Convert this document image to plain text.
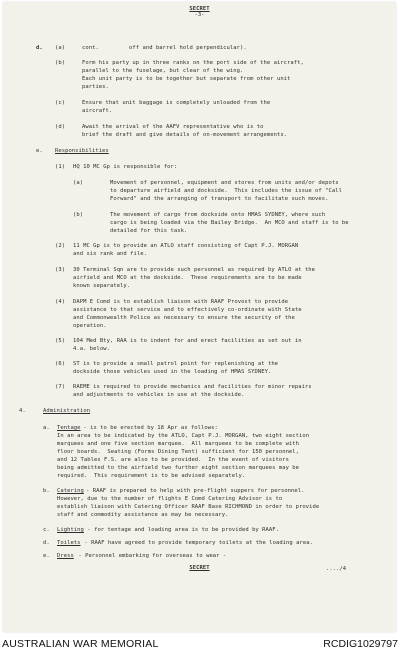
SECRET
-3-
d. (a)	cont.         off and barrel hold perpendicular).
(b)	Form his party up in three ranks on the port side of the aircraft,
parallel to the fuselage, but clear of the wing.
Each unit party is to be together but separate from other unit
parties.
(c)	Ensure that unit baggage is completely unloaded from the
aircraft.
(d)	Await the arrival of the AAFV representative who is to
brief the draft and give details of on-movement arrangements.
e. Responsibilities
(1) HQ 10 MC Gp is responsible for:
(a)	Movement of personnel, equipment and stores from units and/or depots
to departure airfield and dockside.  This includes the issue of "Call
Forward" and the arranging of transport to facilitate such moves.
(b)	The movement of cargo from dockside onto HMAS SYDNEY, where such
cargo is being loaded via the Bailey Bridge.  An MCO and staff is to be
detailed for this task.
(2) 11 MC Gp is to provide an ATLO staff consisting of Capt P.J. MORGAN
and six rank and file.
(3) 30 Terminal Sqn are to provide such personnel as required by ATLO at the
airfield and MCO at the dockside.  These requirements are to be made
known separately.
(4) DAPM E Comd is to establish liaison with RAAF Provost to provide
assistance to that service and to effectively co-ordinate with State
and Commonwealth Police as necessary to ensure the security of the
operation.
(5) 104 Med Bty, RAA is to indent for and erect facilities as set out in
4.a. below.
(6) ST is to provide a small patrol point for replenishing at the
dockside those vehicles used in the loading of HMAS SYDNEY.
(7) RAEME is required to provide mechanics and facilities for minor repairs
and adjustments to vehicles in use at the dockside.
4.	Administration
a. Tentage - is to be erected by 18 Apr as follows:
In an area to be indicated by the ATLO, Capt P.J. MORGAN, two eight section
marquees and one five section marquee.  All marquees to be complete with
floor boards.  Seating (Forms Dining Tent) sufficient for 150 personnel,
and 12 Tables F.S. are also to be provided.  In the event of visitors
being admitted to the airfield two further eight section marquees may be
required.  This requirement is to be advised separately.
b. Catering - RAAF is prepared to help with pre-flight suppers for personnel.
However, due to the number of flights E Comd Catering Advisor is to
establish liaison with Catering Officer RAAF Base RICHMOND in order to provide
staff and commodity assistance as may be necessary.
c. Lighting - for tentage and loading area is to be provided by RAAF.
d. Toilets - RAAF have agreed to provide temporary toilets at the loading area.
e. Dress - Personnel embarking for overseas to wear -
SECRET	..../4
AUSTRALIAN WAR MEMORIAL	RCDIG1029797
